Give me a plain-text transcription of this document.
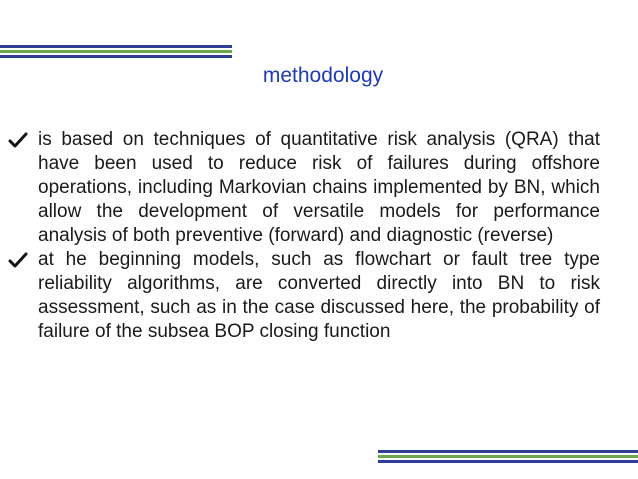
methodology
is based on techniques of quantitative risk analysis (QRA) that have been used to reduce risk of failures during offshore operations, including Markovian chains implemented by BN, which allow the development of versatile models for performance analysis of both preventive (forward) and diagnostic (reverse)
at he beginning models, such as flowchart or fault tree type reliability algorithms, are converted directly into BN to risk assessment, such as in the case discussed here, the probability of failure of the subsea BOP closing function
